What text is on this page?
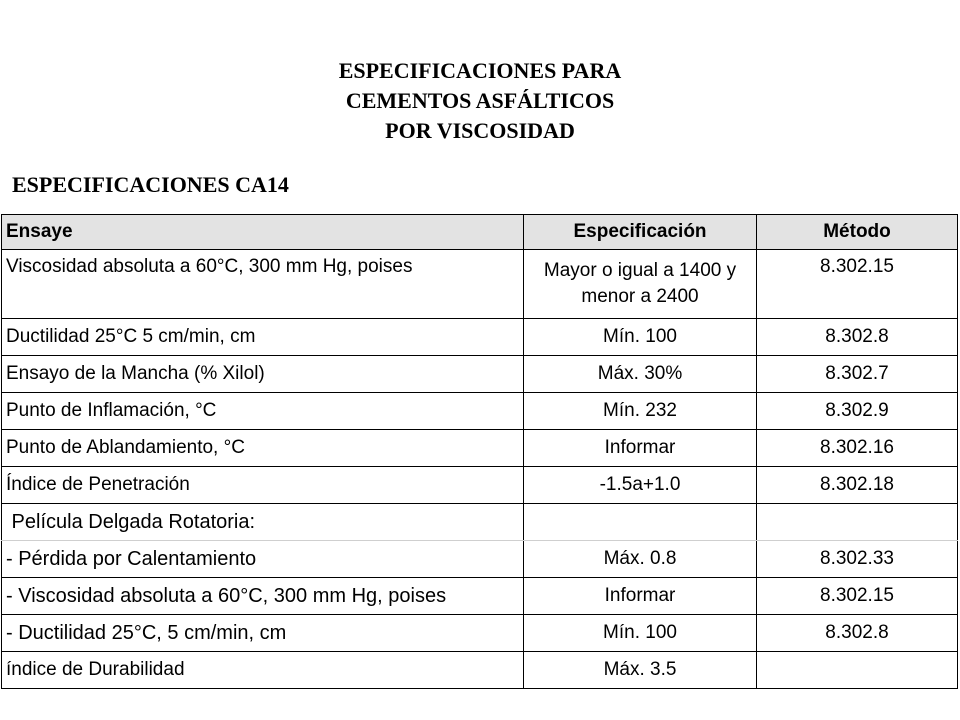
ESPECIFICACIONES PARA
CEMENTOS ASFÁLTICOS
POR VISCOSIDAD
ESPECIFICACIONES CA14
Ensaye	Especificación	Método
Viscosidad absoluta a 60°C, 300 mm Hg, poises	Mayor o igual a 1400 y menor a 2400	8.302.15
Ductilidad 25°C 5 cm/min, cm	Mín. 100	8.302.8
Ensayo de la Mancha (% Xilol)	Máx. 30%	8.302.7
Punto de Inflamación, °C	Mín. 232	8.302.9
Punto de Ablandamiento, °C	Informar	8.302.16
Índice de Penetración	-1.5a+1.0	8.302.18
Película Delgada Rotatoria:		
- Pérdida por Calentamiento	Máx. 0.8	8.302.33
- Viscosidad absoluta a 60°C, 300 mm Hg, poises	Informar	8.302.15
- Ductilidad 25°C, 5 cm/min, cm	Mín. 100	8.302.8
índice de Durabilidad	Máx. 3.5	
